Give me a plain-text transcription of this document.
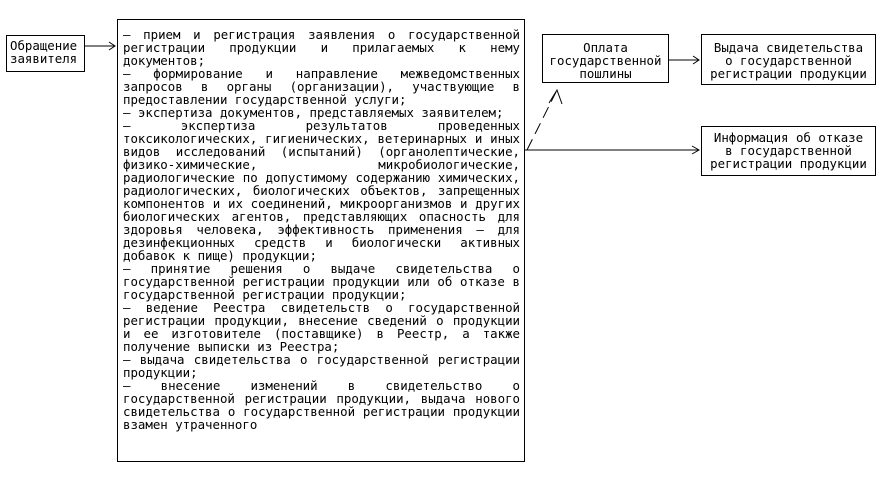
Обращение
заявителя

– прием и регистрация заявления о государственной регистрации продукции и прилагаемых к нему документов;

– формирование и направление межведомственных запросов в органы (организации), участвующие в предоставлении государственной услуги;

– экспертиза документов, представляемых заявителем;

– экспертиза результатов проведенных токсикологических, гигиенических, ветеринарных и иных видов исследований (испытаний) (органолептические, физико-химические, микробиологические, радиологические по допустимому содержанию химических, радиологических, биологических объектов, запрещенных компонентов и их соединений, микроорганизмов и других биологических агентов, представляющих опасность для здоровья человека, эффективность применения – для дезинфекционных средств и биологически активных добавок к пище) продукции;

– принятие решения о выдаче свидетельства о государственной регистрации продукции или об отказе в государственной регистрации продукции;

– ведение Реестра свидетельств о государственной регистрации продукции, внесение сведений о продукции и ее изготовителе (поставщике) в Реестр, а также получение выписки из Реестра;

– выдача свидетельства о государственной регистрации продукции;

– внесение изменений в свидетельство о государственной регистрации продукции, выдача нового свидетельства о государственной регистрации продукции взамен утраченного

Оплата
государственной
пошлины
Выдача свидетельства
о государственной
регистрации продукции
Информация об отказе
в государственной
регистрации продукции
